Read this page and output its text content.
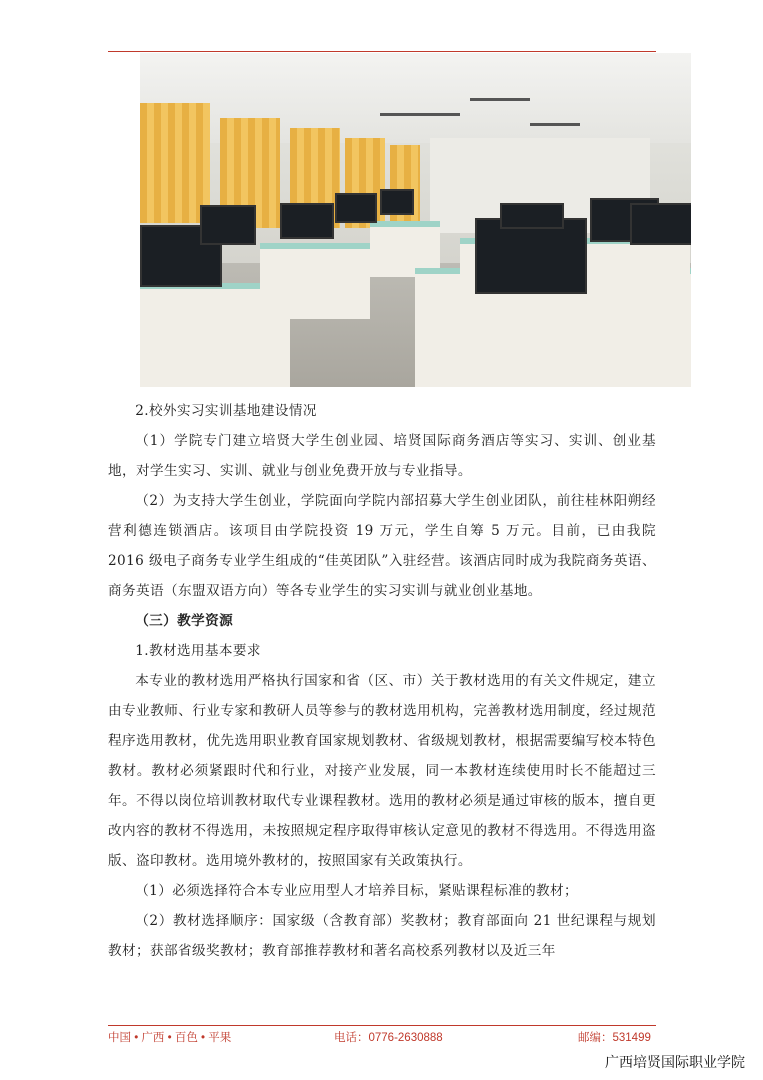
2.校外实习实训基地建设情况

（1）学院专门建立培贤大学生创业园、培贤国际商务酒店等实习、实训、创业基地，对学生实习、实训、就业与创业免费开放与专业指导。

（2）为支持大学生创业，学院面向学院内部招募大学生创业团队，前往桂林阳朔经营利德连锁酒店。该项目由学院投资 19 万元，学生自筹 5 万元。目前，已由我院 2016 级电子商务专业学生组成的“佳英团队”入驻经营。该酒店同时成为我院商务英语、商务英语（东盟双语方向）等各专业学生的实习实训与就业创业基地。

（三）教学资源

1.教材选用基本要求

本专业的教材选用严格执行国家和省（区、市）关于教材选用的有关文件规定，建立由专业教师、行业专家和教研人员等参与的教材选用机构，完善教材选用制度，经过规范程序选用教材，优先选用职业教育国家规划教材、省级规划教材，根据需要编写校本特色教材。教材必须紧跟时代和行业，对接产业发展，同一本教材连续使用时长不能超过三年。不得以岗位培训教材取代专业课程教材。选用的教材必须是通过审核的版本，擅自更改内容的教材不得选用，未按照规定程序取得审核认定意见的教材不得选用。不得选用盗版、盗印教材。选用境外教材的，按照国家有关政策执行。

（1）必须选择符合本专业应用型人才培养目标，紧贴课程标准的教材；

（2）教材选择顺序：国家级（含教育部）奖教材；教育部面向 21 世纪课程与规划教材；获部省级奖教材；教育部推荐教材和著名高校系列教材以及近三年

中国 • 广西 • 百色 • 平果	电话：0776-2630888	邮编：531499
广西培贤国际职业学院
